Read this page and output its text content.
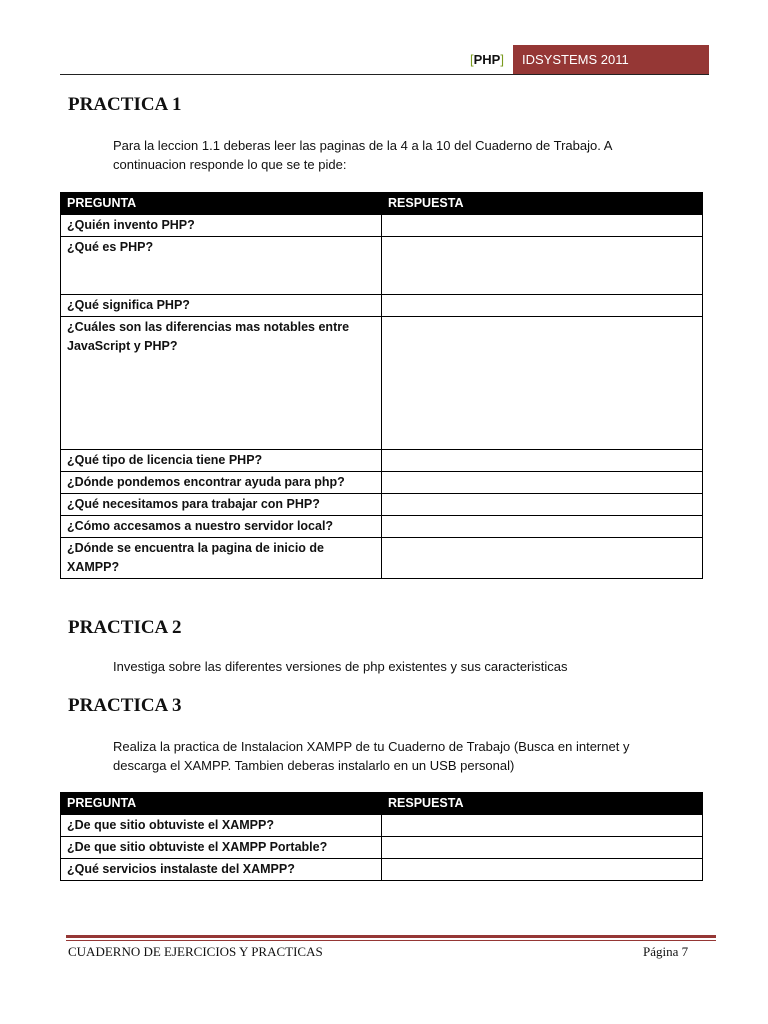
[PHP]	IDSYSTEMS 2011
PRACTICA 1
Para la leccion 1.1 deberas leer las paginas de la 4 a la 10 del Cuaderno de Trabajo. A
continuacion responde lo que se te pide:
PREGUNTA	RESPUESTA
¿Quién invento PHP?	
¿Qué es PHP?	
¿Qué significa PHP?	
¿Cuáles son las diferencias mas notables entre JavaScript y PHP?	
¿Qué tipo de licencia tiene PHP?	
¿Dónde pondemos encontrar ayuda para php?	
¿Qué necesitamos para trabajar con PHP?	
¿Cómo accesamos a nuestro servidor local?	
¿Dónde se encuentra la pagina de inicio de XAMPP?	
PRACTICA 2
Investiga sobre las diferentes versiones de php existentes y sus caracteristicas
PRACTICA 3
Realiza la practica de Instalacion XAMPP de tu Cuaderno de Trabajo (Busca en internet y
descarga el XAMPP. Tambien deberas instalarlo en un USB personal)
PREGUNTA	RESPUESTA
¿De que sitio obtuviste el XAMPP?	
¿De que sitio obtuviste el XAMPP Portable?	
¿Qué servicios instalaste del XAMPP?	
CUADERNO DE EJERCICIOS Y PRACTICAS	Página 7
